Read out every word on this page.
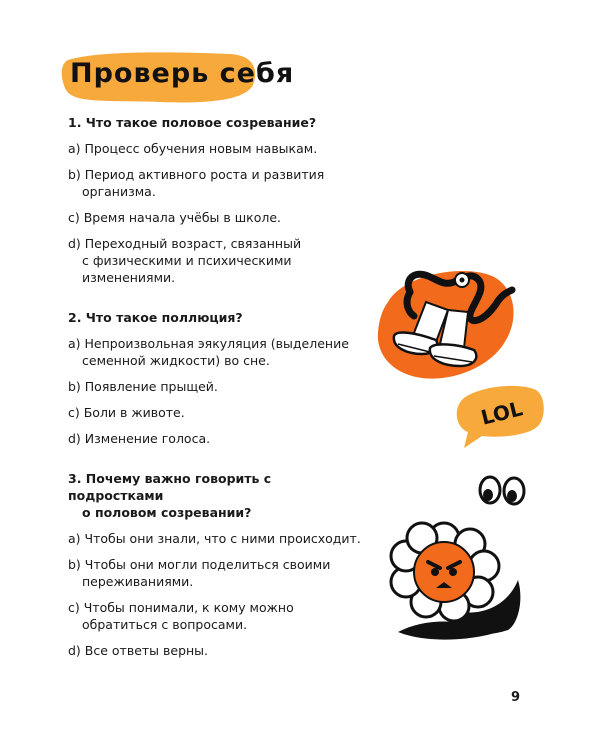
Проверь себя
1. Что такое половое созревание?
a) Процесс обучения новым навыкам.
b) Период активного роста и развития
организма.
c) Время начала учёбы в школе.
d) Переходный возраст, связанный
с физическими и психическими
изменениями.
2. Что такое поллюция?
a) Непроизвольная эякуляция (выделение
семенной жидкости) во сне.
b) Появление прыщей.
c) Боли в животе.
d) Изменение голоса.
3. Почему важно говорить с подростками
о половом созревании?
a) Чтобы они знали, что с ними происходит.
b) Чтобы они могли поделиться своими
переживаниями.
c) Чтобы понимали, к кому можно
обратиться с вопросами.
d) Все ответы верны.
LOL
9
